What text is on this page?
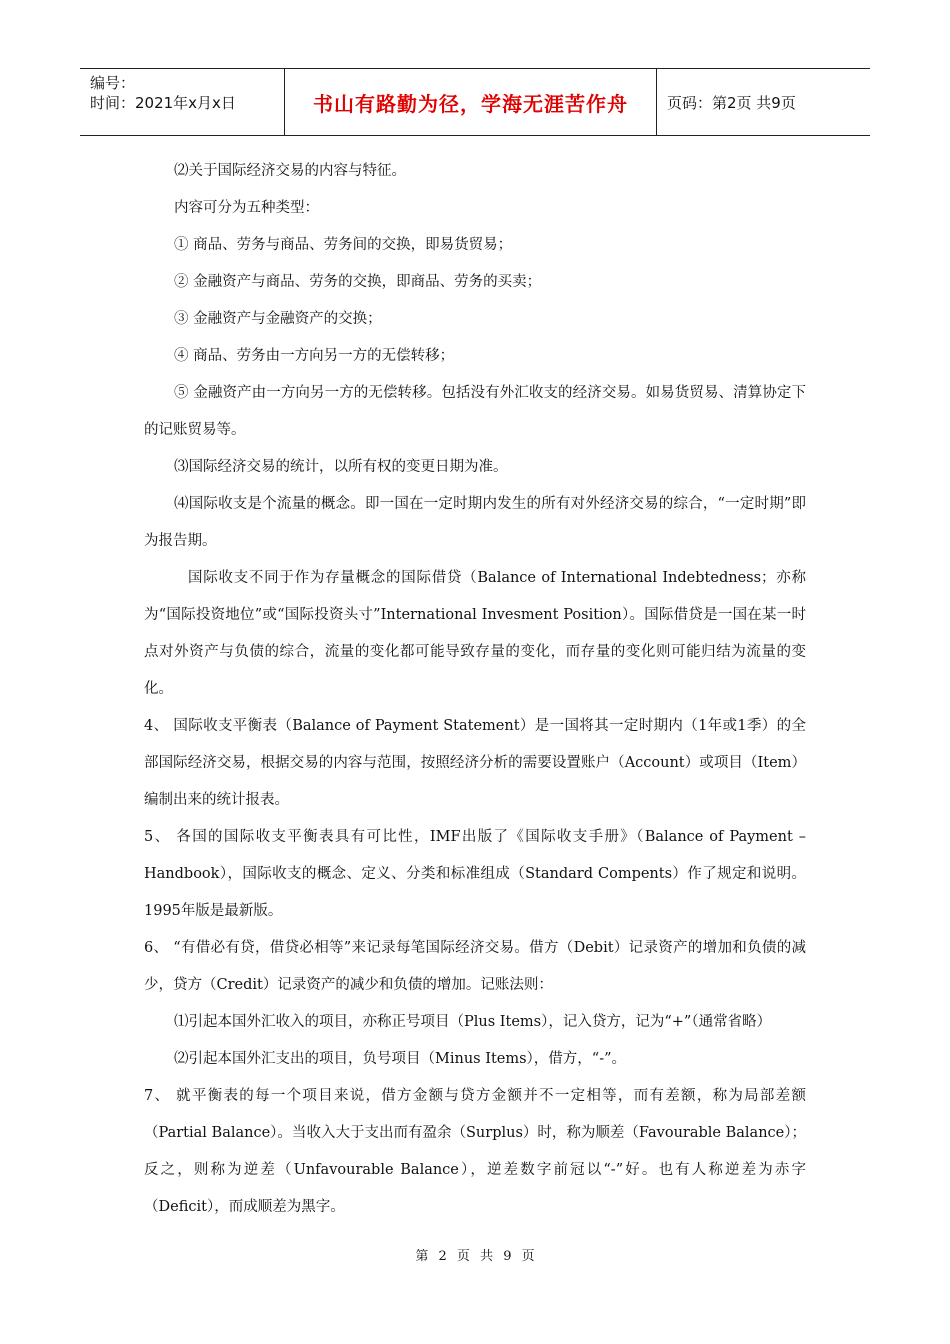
编号：
时间：2021年x月x日	书山有路勤为径，学海无涯苦作舟	页码：第2页 共9页

⑵关于国际经济交易的内容与特征。

内容可分为五种类型：

① 商品、劳务与商品、劳务间的交换，即易货贸易；

② 金融资产与商品、劳务的交换，即商品、劳务的买卖；

③ 金融资产与金融资产的交换；

④ 商品、劳务由一方向另一方的无偿转移；

⑤ 金融资产由一方向另一方的无偿转移。包括没有外汇收支的经济交易。如易货贸易、清算协定下的记账贸易等。

⑶国际经济交易的统计，以所有权的变更日期为准。

⑷国际收支是个流量的概念。即一国在一定时期内发生的所有对外经济交易的综合，“一定时期”即为报告期。

国际收支不同于作为存量概念的国际借贷（Balance of International Indebtedness；亦称为“国际投资地位”或“国际投资头寸”International Invesment Position）。国际借贷是一国在某一时点对外资产与负债的综合，流量的变化都可能导致存量的变化，而存量的变化则可能归结为流量的变化。

4、 国际收支平衡表（Balance of Payment Statement）是一国将其一定时期内（1年或1季）的全部国际经济交易，根据交易的内容与范围，按照经济分析的需要设置账户（Account）或项目（Item）编制出来的统计报表。

5、 各国的国际收支平衡表具有可比性，IMF出版了《国际收支手册》（Balance of Payment –Handbook），国际收支的概念、定义、分类和标准组成（Standard Compents）作了规定和说明。1995年版是最新版。

6、 “有借必有贷，借贷必相等”来记录每笔国际经济交易。借方（Debit）记录资产的增加和负债的减少，贷方（Credit）记录资产的减少和负债的增加。记账法则：

⑴引起本国外汇收入的项目，亦称正号项目（Plus Items），记入贷方，记为“+”（通常省略）

⑵引起本国外汇支出的项目，负号项目（Minus Items），借方，“-”。

7、 就平衡表的每一个项目来说，借方金额与贷方金额并不一定相等，而有差额，称为局部差额（Partial Balance）。当收入大于支出而有盈余（Surplus）时，称为顺差（Favourable Balance）；反之，则称为逆差（Unfavourable Balance），逆差数字前冠以“-”好。也有人称逆差为赤字（Deficit），而成顺差为黑字。

第 2 页 共 9 页
